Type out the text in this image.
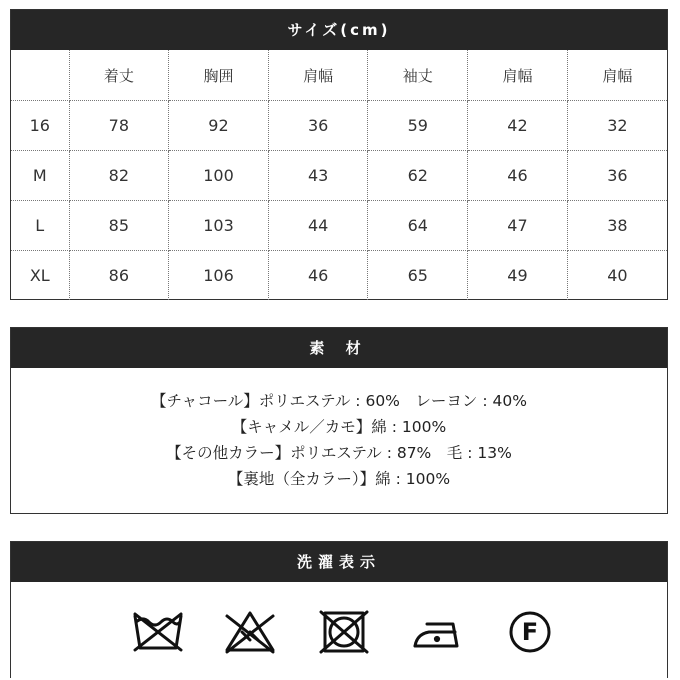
サイズ(cm)
	着丈	胸囲	肩幅	袖丈	肩幅	肩幅
16	78	92	36	59	42	32
M	82	100	43	62	46	36
L	85	103	44	64	47	38
XL	86	106	46	65	49	40
素 材
【チャコール】ポリエステル : 60%　レーヨン : 40%
【キャメル／カモ】綿 : 100%
【その他カラー】ポリエステル : 87%　毛 : 13%
【裏地（全カラー）】綿 : 100%
洗濯表示
F
